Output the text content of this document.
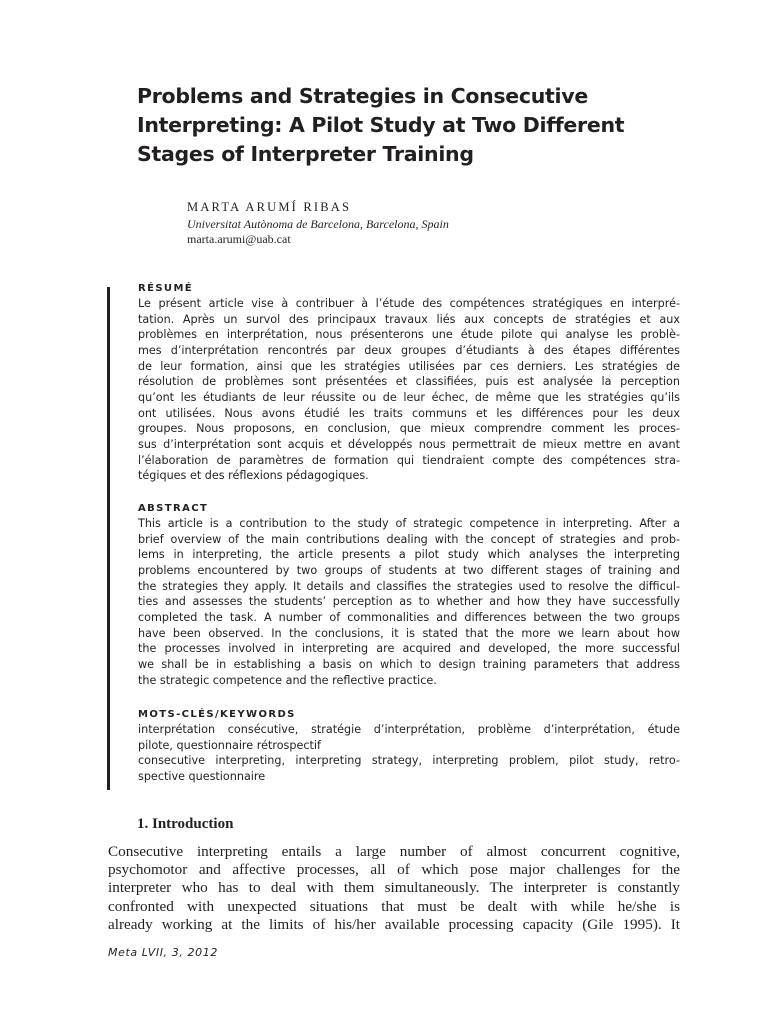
Problems and Strategies in Consecutive
Interpreting: A Pilot Study at Two Different
Stages of Interpreter Training

MARTA ARUMÍ RIBAS

Universitat Autònoma de Barcelona, Barcelona, Spain

marta.arumi@uab.cat

RÉSUMÉ

Le présent article vise à contribuer à l’étude des compétences stratégiques en interpré-
tation. Après un survol des principaux travaux liés aux concepts de stratégies et aux
problèmes en interprétation, nous présenterons une étude pilote qui analyse les problè-
mes d’interprétation rencontrés par deux groupes d’étudiants à des étapes différentes
de leur formation, ainsi que les stratégies utilisées par ces derniers. Les stratégies de
résolution de problèmes sont présentées et classifiées, puis est analysée la perception
qu’ont les étudiants de leur réussite ou de leur échec, de même que les stratégies qu’ils
ont utilisées. Nous avons étudié les traits communs et les différences pour les deux
groupes. Nous proposons, en conclusion, que mieux comprendre comment les proces-
sus d’interprétation sont acquis et développés nous permettrait de mieux mettre en avant
l’élaboration de paramètres de formation qui tiendraient compte des compétences stra-
tégiques et des réflexions pédagogiques.

ABSTRACT

This article is a contribution to the study of strategic competence in interpreting. After a
brief overview of the main contributions dealing with the concept of strategies and prob-
lems in interpreting, the article presents a pilot study which analyses the interpreting
problems encountered by two groups of students at two different stages of training and
the strategies they apply. It details and classifies the strategies used to resolve the difficul-
ties and assesses the students’ perception as to whether and how they have successfully
completed the task. A number of commonalities and differences between the two groups
have been observed. In the conclusions, it is stated that the more we learn about how
the processes involved in interpreting are acquired and developed, the more successful
we shall be in establishing a basis on which to design training parameters that address
the strategic competence and the reflective practice.

MOTS-CLÉS/KEYWORDS

interprétation consécutive, stratégie d’interprétation, problème d’interprétation, étude
pilote, questionnaire rétrospectif
consecutive interpreting, interpreting strategy, interpreting problem, pilot study, retro-
spective questionnaire

1. Introduction
Consecutive interpreting entails a large number of almost concurrent cognitive,
psychomotor and affective processes, all of which pose major challenges for the
interpreter who has to deal with them simultaneously. The interpreter is constantly
confronted with unexpected situations that must be dealt with while he/she is
already working at the limits of his/her available processing capacity (Gile 1995). It
Meta LVII, 3, 2012
